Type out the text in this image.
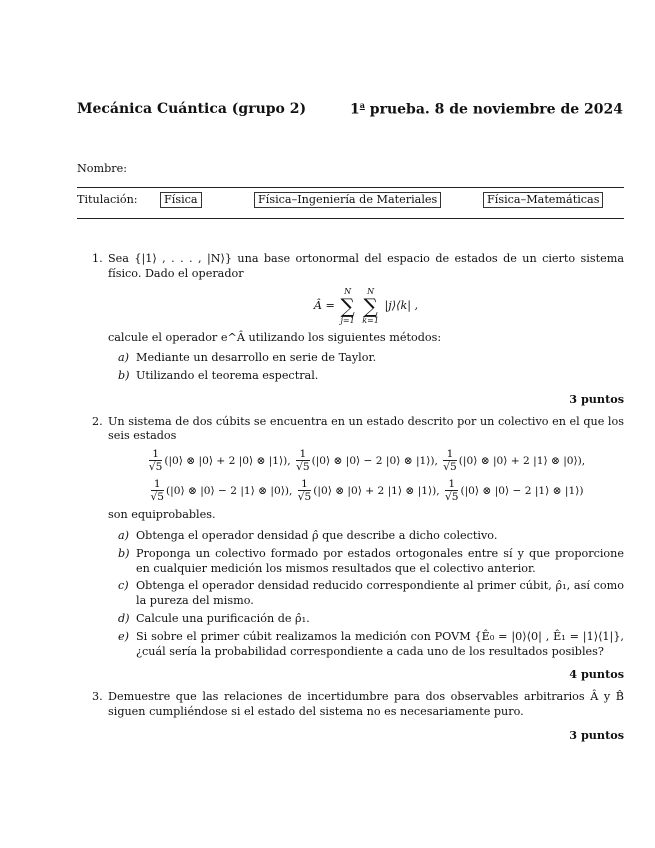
Mecánica Cuántica (grupo 2)	1$^a$ prueba. 8 de noviembre de 2024
Nombre:
Titulación:	Física	Física–Ingeniería de Materiales	Física–Matemáticas
1. Sea {|1⟩ , . . . , |N⟩} una base ortonormal del espacio de estados de un cierto sistema físico. Dado el operador

Â = N
∑
j=1 N
∑
k=1 |j⟩⟨k| ,

calcule el operador e^Â utilizando los siguientes métodos:

a) Mediante un desarrollo en serie de Taylor.
b) Utilizando el teorema espectral.
3 puntos
2. Un sistema de dos cúbits se encuentra en un estado descrito por un colectivo en el que los seis estados

$\frac{1}{√5}$ (|0⟩ ⊗ |0⟩ + 2 |0⟩ ⊗ |1⟩), $\frac{1}{√5}$ (|0⟩ ⊗ |0⟩ − 2 |0⟩ ⊗ |1⟩), $\frac{1}{√5}$ (|0⟩ ⊗ |0⟩ + 2 |1⟩ ⊗ |0⟩),
$\frac{1}{√5}$ (|0⟩ ⊗ |0⟩ − 2 |1⟩ ⊗ |0⟩), $\frac{1}{√5}$ (|0⟩ ⊗ |0⟩ + 2 |1⟩ ⊗ |1⟩), $\frac{1}{√5}$ (|0⟩ ⊗ |0⟩ − 2 |1⟩ ⊗ |1⟩)

son equiprobables.

a) Obtenga el operador densidad ρ̂ que describe a dicho colectivo.
b) Proponga un colectivo formado por estados ortogonales entre sí y que proporcione en cualquier medición los mismos resultados que el colectivo anterior.
c) Obtenga el operador densidad reducido correspondiente al primer cúbit, ρ̂₁, así como la pureza del mismo.
d) Calcule una purificación de ρ̂₁.
e) Si sobre el primer cúbit realizamos la medición con POVM {Ê₀ = |0⟩⟨0| , Ê₁ = |1⟩⟨1|}, ¿cuál sería la probabilidad correspondiente a cada uno de los resultados posibles?
4 puntos
3. Demuestre que las relaciones de incertidumbre para dos observables arbitrarios Â y B̂ siguen cumpliéndose si el estado del sistema no es necesariamente puro.

3 puntos
